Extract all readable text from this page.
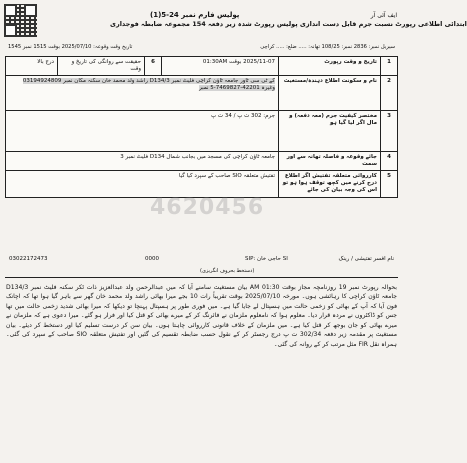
ایف آئی آر
پولیس فارم نمبر 24-5(1)
ابتدائی اطلاعی رپورٹ نسبت جرم قابل دست اندازی پولیس رپورٹ شدہ زیر دفعہ 154 مجموعہ ضابطہ فوجداری
تاریخ وقت وقوعہ: 2025/07/10 بوقت 1515 نمبر 1545	سیریل نمبر: 2836 نمبر: 108/25 تھانہ: ..... ضلع: ..... کراچی
1	تاریخ و وقت رپورٹ	2025/11-07 بوقت 01:30AM	6	حقیقت سے روانگی کی تاریخ و وقت	درج بالا
2	نام و سکونت اطلاع دہندہ/مستغیث	کے ٹی سی ٹاور جامعہ ٹاؤن کراچی فلیٹ نمبر D134/3 راشد ولد محمد خان سکنہ مکان نمبر 03194924809 وغیرہ 42201-7469827-5 نمبر			
3	مختصر کیفیت جرم (معہ دفعہ) و مال اگر لیا گیا ہو	جرم: 302 ت پ / 34 ت پ			
4	جائے وقوعہ و فاصلہ تھانہ سے اور سمت	جامعہ ٹاؤن کراچی کی مسجد میں بجانب شمال D134 فلیٹ نمبر 3			
5	کارروائی متعلقہ تفتیش اگر اطلاع درج کرنے میں کچھ توقف ہوا ہو تو اس کی وجہ بیان کی جائے	تفتیش متعلقہ SIO صاحب کے سپرد کیا گیا			
4620456
03022172473	0000	SIP: حاجی خان SI	نام افسر تفتیشی / رینک
(دستخط بحروف انگریزی)
بحوالہ رپورٹ نمبر 19 روزنامچہ مجاز بوقت 01:30 AM بیان مستغیث سامنے آیا کہ میں عبدالرحمن ولد عبدالعزیز ذات ٹکر سکنہ فلیٹ نمبر D134/3 جامعہ ٹاؤن کراچی کا رہائشی ہوں۔ مورخہ 2025/07/10 بوقت تقریباً رات 10 بجے میرا بھائی راشد ولد محمد خان گھر سے باہر گیا ہوا تھا کہ اچانک فون آیا کہ آپ کے بھائی کو زخمی حالت میں ہسپتال لے جایا گیا ہے۔ میں فوری طور پر ہسپتال پہنچا تو دیکھا کہ میرا بھائی شدید زخمی حالت میں تھا جس کو ڈاکٹروں نے مردہ قرار دیا۔ معلوم ہوا کہ نامعلوم ملزمان نے فائرنگ کر کے میرے بھائی کو قتل کیا اور فرار ہو گئے۔ میرا دعوی ہے کہ ملزمان نے میرے بھائی کو جان بوجھ کر قتل کیا ہے۔ میں ملزمان کے خلاف قانونی کارروائی چاہتا ہوں۔ بیان سن کر درست تسلیم کیا اور دستخط کر دیئے۔ بیان مستغیث پر مقدمہ زیر دفعہ 302/34 ت پ درج رجسٹر کر کے نقول حسب ضابطہ تقسیم کی گئیں اور تفتیش متعلقہ SIO صاحب کے سپرد کی گئی۔ ہمراہ نقل FIR مثل مرتب کر کے روانہ کی گئی۔
